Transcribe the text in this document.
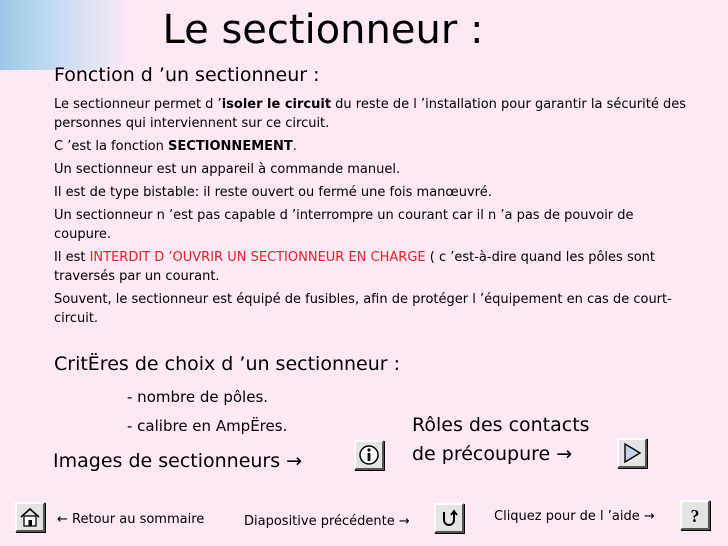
Le sectionneur :
Fonction d ’un sectionneur :

Le sectionneur permet d ’isoler le circuit du reste de l ’installation pour garantir la sécurité des personnes qui interviennent sur ce circuit.

C ’est la fonction SECTIONNEMENT.

Un sectionneur est un appareil à commande manuel.

Il est de type bistable: il reste ouvert ou fermé une fois manœuvré.

Un sectionneur n ’est pas capable d ’interrompre un courant car il n ’a pas de pouvoir de coupure.

Il est INTERDIT D ’OUVRIR UN SECTIONNEUR EN CHARGE ( c ’est-à-dire quand les pôles sont traversés par un courant.

Souvent, le sectionneur est équipé de fusibles, afin de protéger l ’équipement en cas de court-circuit.

CritËres de choix d ’un sectionneur :
- nombre de pôles.
- calibre en AmpËres.
Images de sectionneurs →
Rôles des contacts
de précoupure →
← Retour au sommaire	Diapositive précédente →	Cliquez pour de l ’aide → ?
